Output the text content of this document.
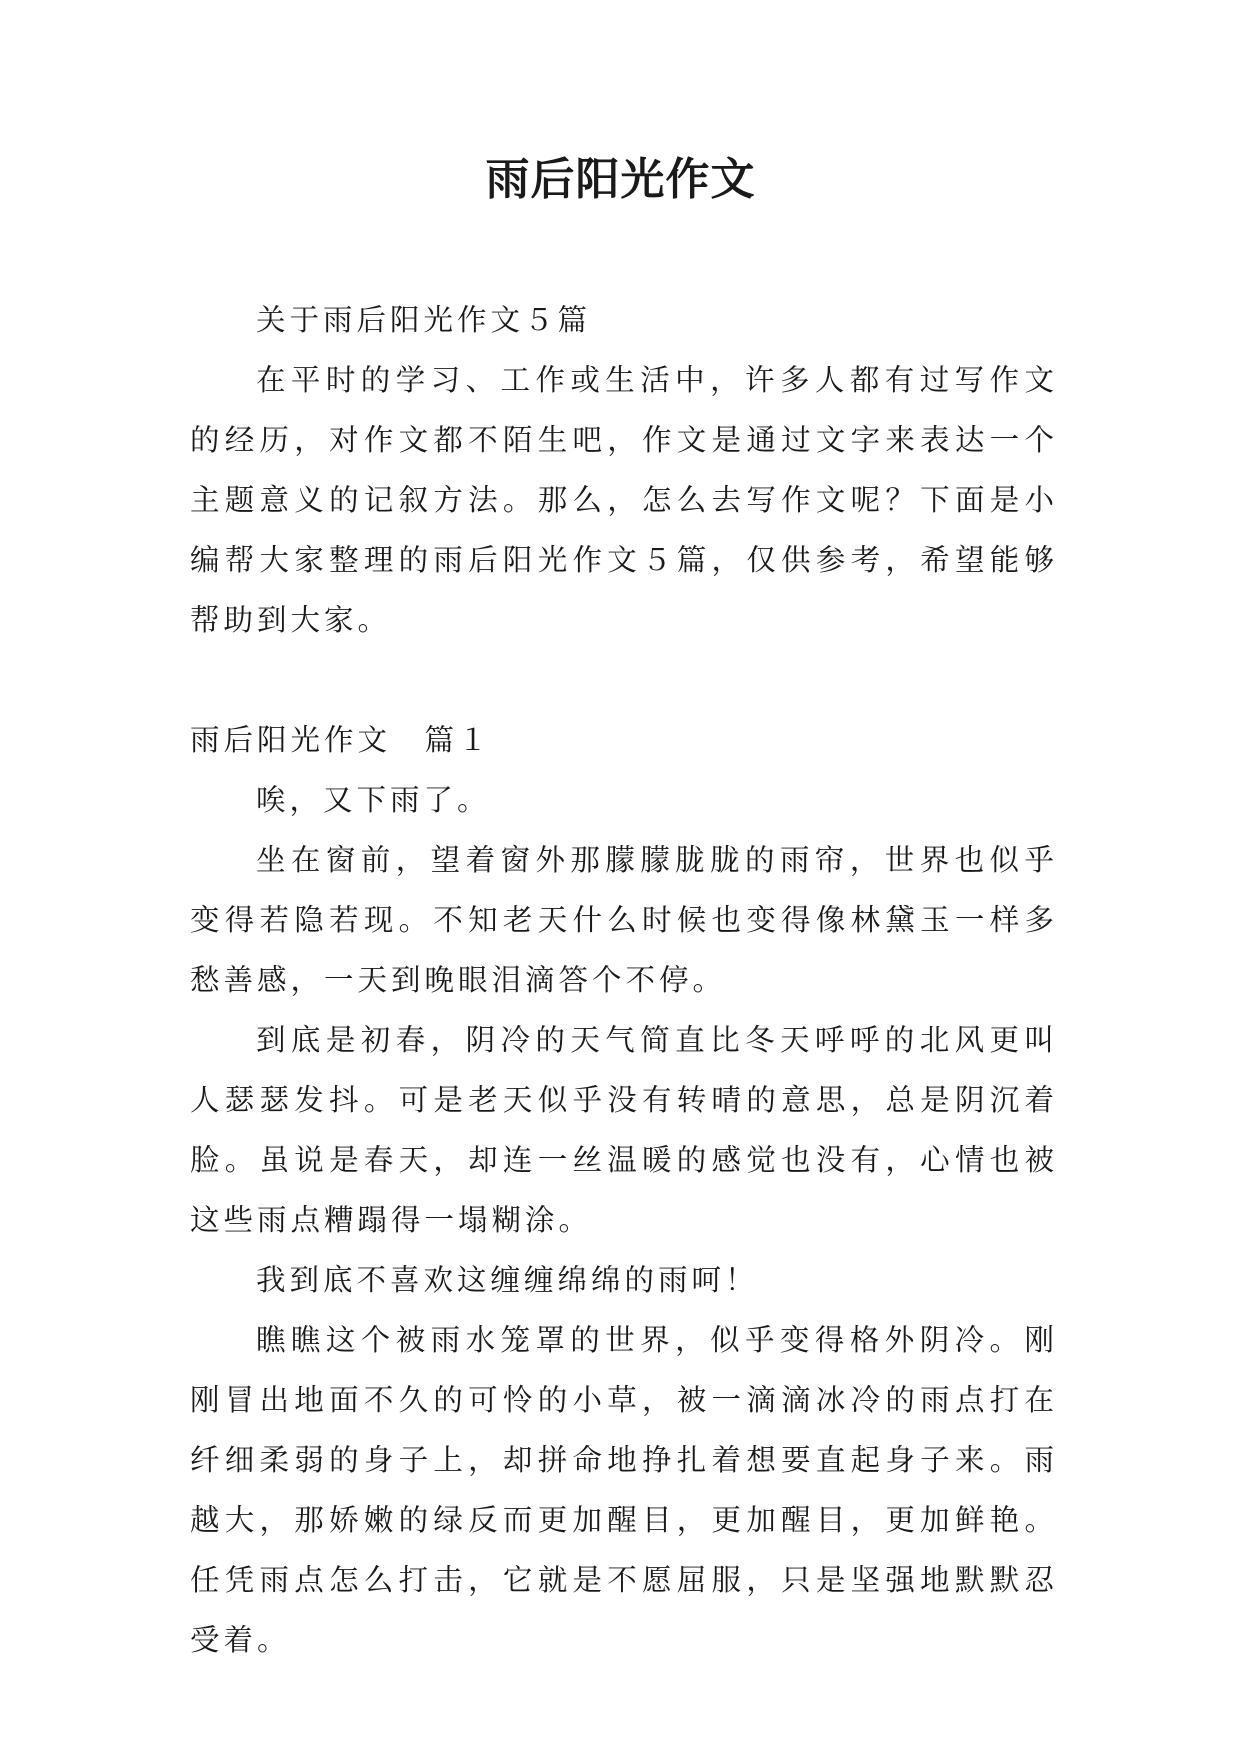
雨后阳光作文

关于雨后阳光作文５篇

在平时的学习、工作或生活中，许多人都有过写作文的经历，对作文都不陌生吧，作文是通过文字来表达一个主题意义的记叙方法。那么，怎么去写作文呢？下面是小编帮大家整理的雨后阳光作文５篇，仅供参考，希望能够帮助到大家。

雨后阳光作文　篇１

唉，又下雨了。

坐在窗前，望着窗外那朦朦胧胧的雨帘，世界也似乎变得若隐若现。不知老天什么时候也变得像林黛玉一样多愁善感，一天到晚眼泪滴答个不停。

到底是初春，阴冷的天气简直比冬天呼呼的北风更叫人瑟瑟发抖。可是老天似乎没有转晴的意思，总是阴沉着脸。虽说是春天，却连一丝温暖的感觉也没有，心情也被这些雨点糟蹋得一塌糊涂。

我到底不喜欢这缠缠绵绵的雨呵！

瞧瞧这个被雨水笼罩的世界，似乎变得格外阴冷。刚刚冒出地面不久的可怜的小草，被一滴滴冰冷的雨点打在纤细柔弱的身子上，却拼命地挣扎着想要直起身子来。雨越大，那娇嫩的绿反而更加醒目，更加醒目，更加鲜艳。任凭雨点怎么打击，它就是不愿屈服，只是坚强地默默忍受着。
